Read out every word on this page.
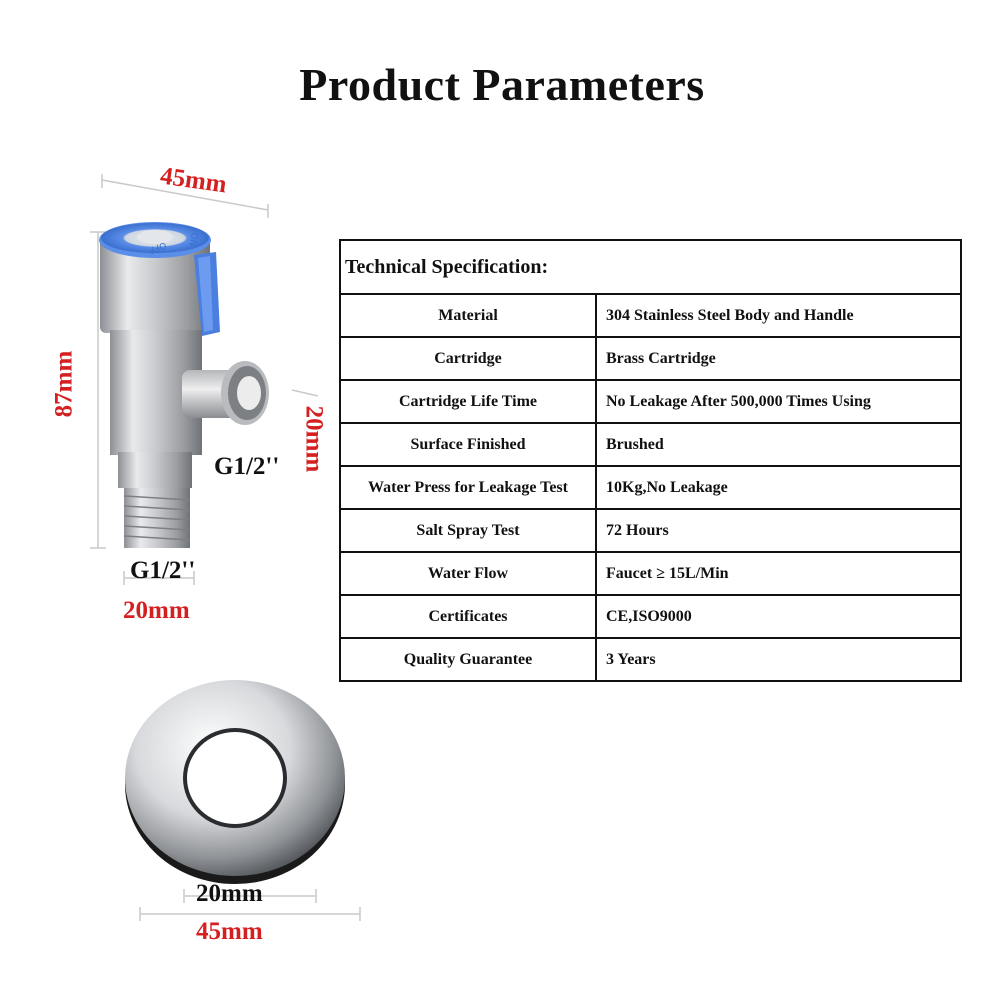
Product Parameters
OFF
ON
45mm
87mm
20mm
G1/2''
G1/2''
20mm
Technical Specification:	
Material	304 Stainless Steel Body and Handle
Cartridge	Brass Cartridge
Cartridge Life Time	No Leakage After 500,000 Times Using
Surface Finished	Brushed
Water Press for Leakage Test	10Kg,No Leakage
Salt Spray Test	72 Hours
Water Flow	Faucet ≥ 15L/Min
Certificates	CE,ISO9000
Quality Guarantee	3 Years
20mm
45mm
